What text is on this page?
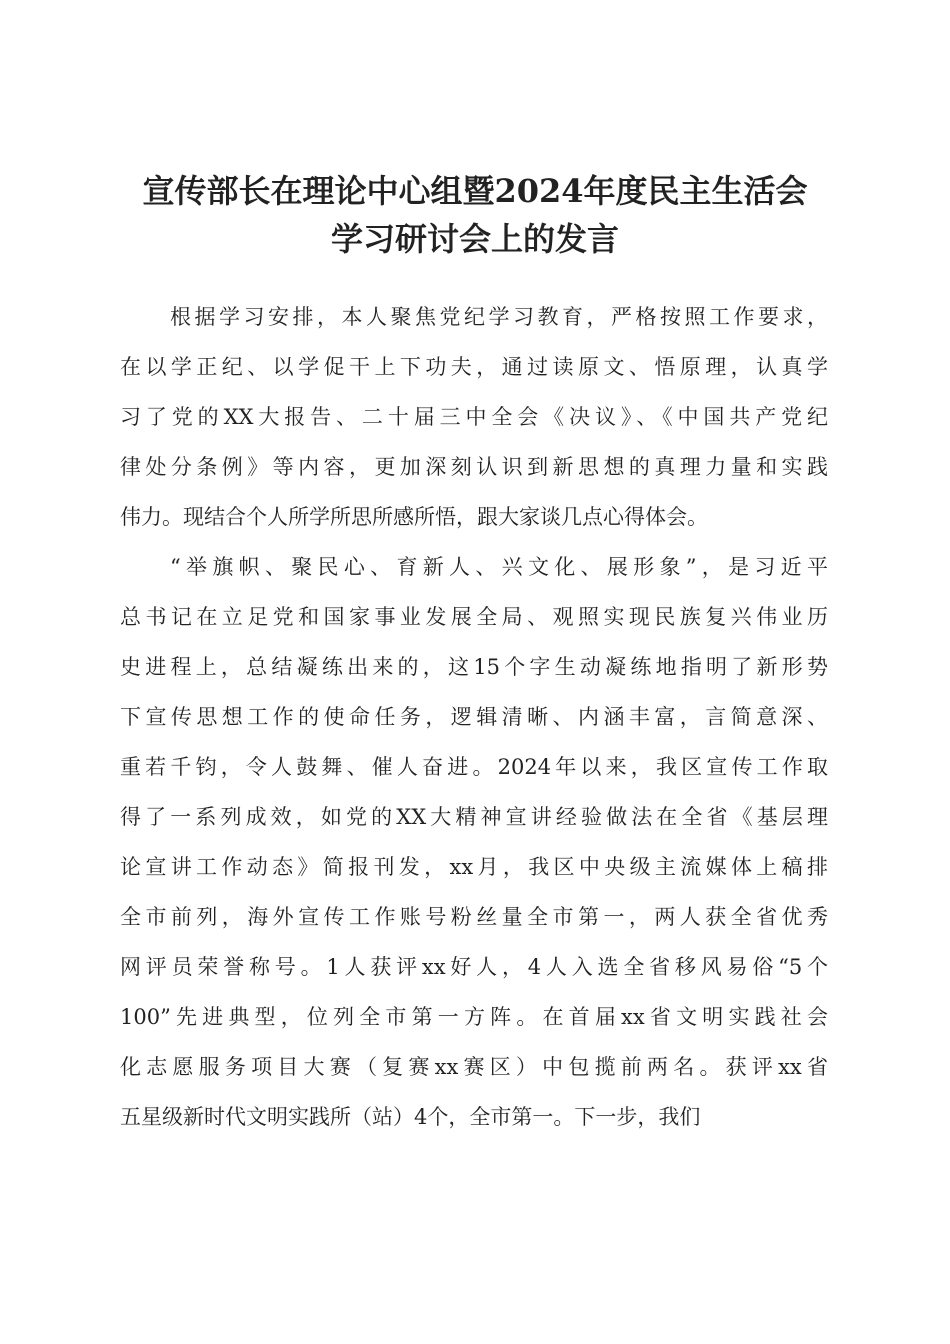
宣传部长在理论中心组暨2024年度民主生活会
学习研讨会上的发言

根据学习安排，本人聚焦党纪学习教育，严格按照工作要求，

在以学正纪、以学促干上下功夫，通过读原文、悟原理，认真学

习了党的XX大报告、二十届三中全会《决议》、《中国共产党纪

律处分条例》等内容，更加深刻认识到新思想的真理力量和实践

伟力。现结合个人所学所思所感所悟，跟大家谈几点心得体会。

“举旗帜、聚民心、育新人、兴文化、展形象”，是习近平

总书记在立足党和国家事业发展全局、观照实现民族复兴伟业历

史进程上，总结凝练出来的，这15个字生动凝练地指明了新形势

下宣传思想工作的使命任务，逻辑清晰、内涵丰富，言简意深、

重若千钧，令人鼓舞、催人奋进。2024年以来，我区宣传工作取

得了一系列成效，如党的XX大精神宣讲经验做法在全省《基层理

论宣讲工作动态》简报刊发，xx月，我区中央级主流媒体上稿排

全市前列，海外宣传工作账号粉丝量全市第一，两人获全省优秀

网评员荣誉称号。1人获评xx好人，4人入选全省移风易俗“5个

100”先进典型，位列全市第一方阵。在首届xx省文明实践社会

化志愿服务项目大赛（复赛xx赛区）中包揽前两名。获评xx省

五星级新时代文明实践所（站）4个，全市第一。下一步，我们
